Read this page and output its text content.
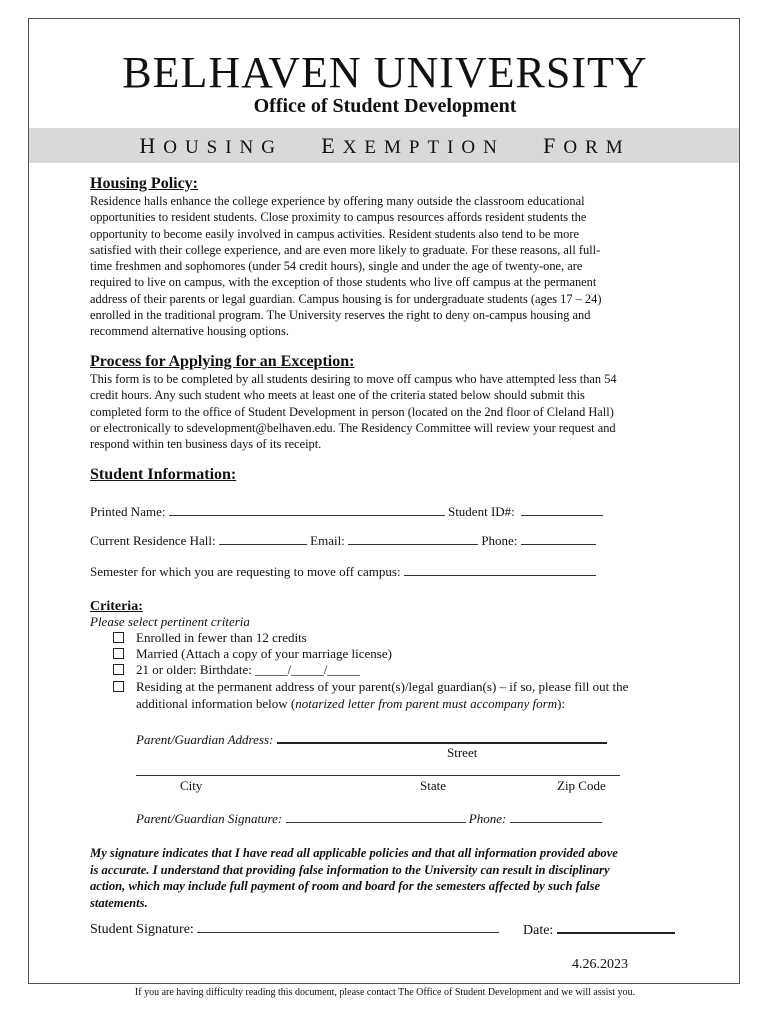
BELHAVEN UNIVERSITY
Office of Student Development
HOUSING EXEMPTION FORM
Housing Policy:
Residence halls enhance the college experience by offering many outside the classroom educational
opportunities to resident students. Close proximity to campus resources affords resident students the
opportunity to become easily involved in campus activities. Resident students also tend to be more
satisfied with their college experience, and are even more likely to graduate. For these reasons, all full-
time freshmen and sophomores (under 54 credit hours), single and under the age of twenty-one, are
required to live on campus, with the exception of those students who live off campus at the permanent
address of their parents or legal guardian. Campus housing is for undergraduate students (ages 17 – 24)
enrolled in the traditional program. The University reserves the right to deny on-campus housing and
recommend alternative housing options.
Process for Applying for an Exception:
This form is to be completed by all students desiring to move off campus who have attempted less than 54
credit hours. Any such student who meets at least one of the criteria stated below should submit this
completed form to the office of Student Development in person (located on the 2nd floor of Cleland Hall)
or electronically to sdevelopment@belhaven.edu. The Residency Committee will review your request and
respond within ten business days of its receipt.
Student Information:
Printed Name:	Student ID#:
Current Residence Hall:	Email:	Phone:
Semester for which you are requesting to move off campus:
Criteria:
Please select pertinent criteria
Enrolled in fewer than 12 credits
Married (Attach a copy of your marriage license)
21 or older: Birthdate: _____/_____/_____
Residing at the permanent address of your parent(s)/legal guardian(s) – if so, please fill out the
additional information below (notarized letter from parent must accompany form):
Parent/Guardian Address:
Street
City	State	Zip Code
Parent/Guardian Signature:	Phone:
My signature indicates that I have read all applicable policies and that all information provided above
is accurate. I understand that providing false information to the University can result in disciplinary
action, which may include full payment of room and board for the semesters affected by such false
statements.
Student Signature:	Date:
4.26.2023
If you are having difficulty reading this document, please contact The Office of Student Development and we will assist you.
